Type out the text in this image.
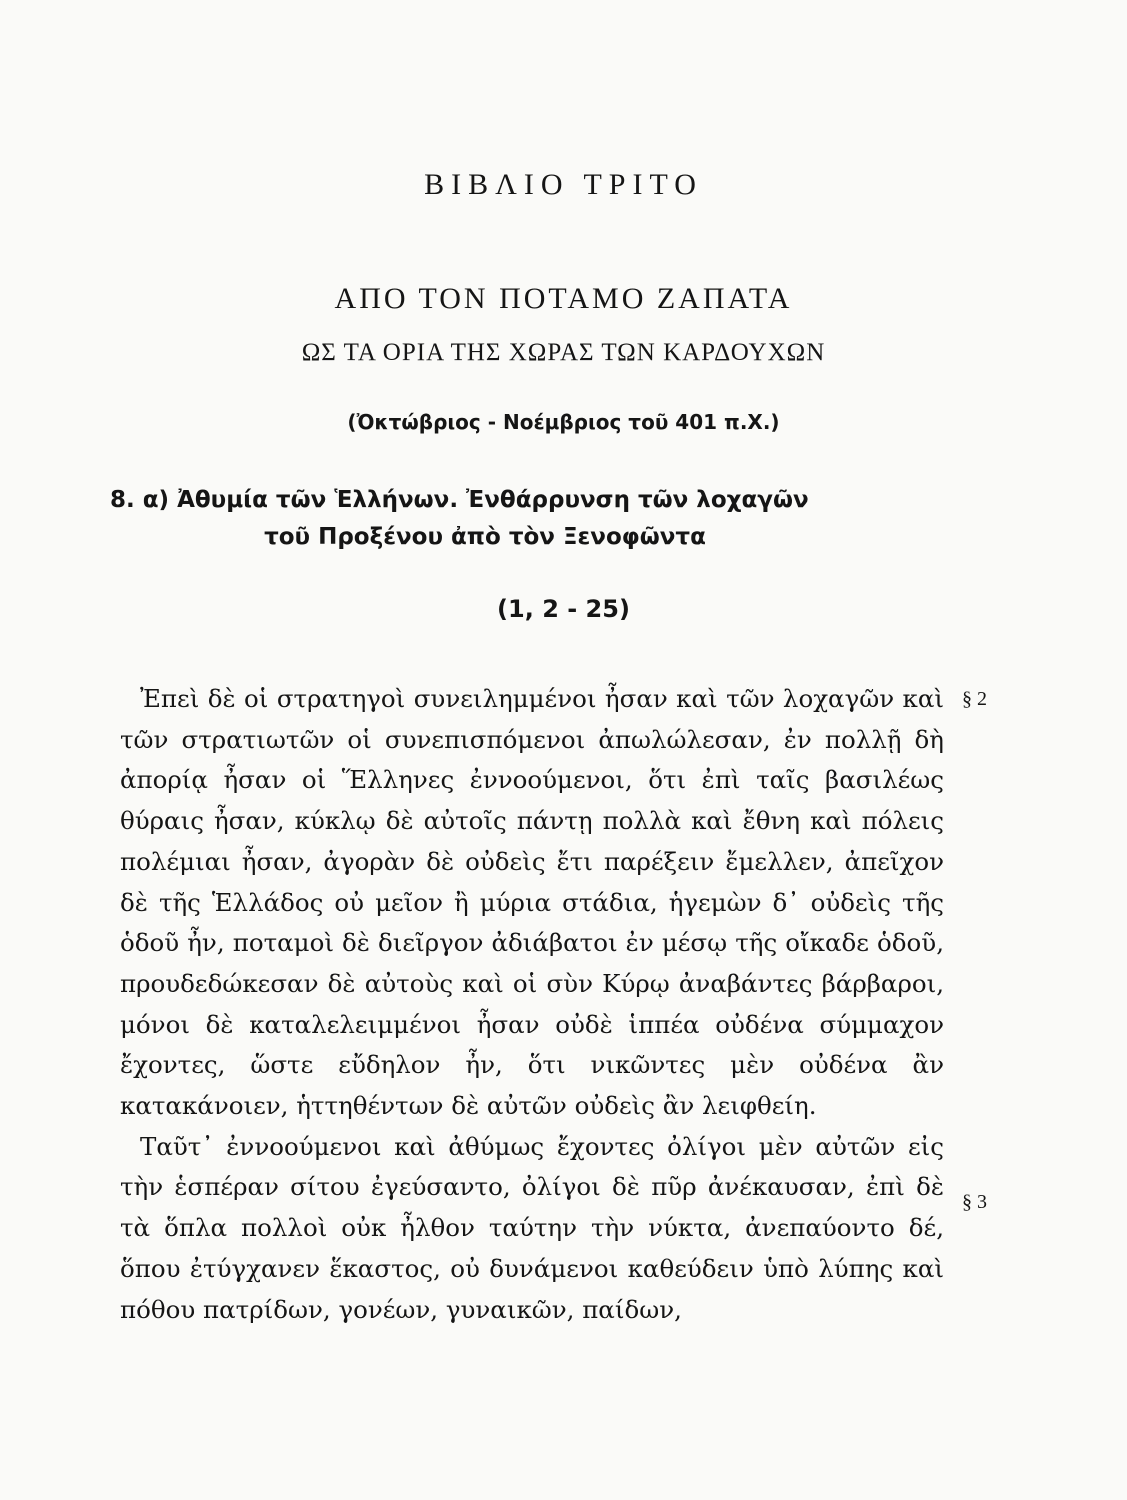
ΒΙΒΛΙΟ ΤΡΙΤΟ
ΑΠΟ ΤΟΝ ΠΟΤΑΜΟ ΖΑΠΑΤΑ
ΩΣ ΤΑ ΟΡΙΑ ΤΗΣ ΧΩΡΑΣ ΤΩΝ ΚΑΡΔΟΥΧΩΝ
(Ὀκτώβριος - Νοέμβριος τοῦ 401 π.Χ.)
8. α) Ἀθυμία τῶν Ἑλλήνων. Ἐνθάρρυνση τῶν λοχαγῶν
τοῦ Προξένου ἀπὸ τὸν Ξενοφῶντα
(1, 2 - 25)

Ἐπεὶ δὲ οἱ στρατηγοὶ συνειλημμένοι ἦσαν καὶ τῶν λοχαγῶν καὶ τῶν στρατιωτῶν οἱ συνεπισπόμενοι ἀπωλώλεσαν, ἐν πολλῇ δὴ ἀπορίᾳ ἦσαν οἱ Ἕλληνες ἐννοούμενοι, ὅτι ἐπὶ ταῖς βασιλέως θύραις ἦσαν, κύκλῳ δὲ αὐτοῖς πάντῃ πολλὰ καὶ ἔθνη καὶ πόλεις πολέμιαι ἦσαν, ἀγορὰν δὲ οὐδεὶς ἔτι παρέξειν ἔμελλεν, ἀπεῖχον δὲ τῆς Ἑλλάδος οὐ μεῖον ἢ μύρια στάδια, ἡγεμὼν δ᾽ οὐδεὶς τῆς ὁδοῦ ἦν, ποταμοὶ δὲ διεῖργον ἀδιάβατοι ἐν μέσῳ τῆς οἴκαδε ὁδοῦ, προυδεδώκεσαν δὲ αὐτοὺς καὶ οἱ σὺν Κύρῳ ἀναβάντες βάρβαροι, μόνοι δὲ καταλελειμμένοι ἦσαν οὐδὲ ἱππέα οὐδένα σύμμαχον ἔχοντες, ὥστε εὔδηλον ἦν, ὅτι νικῶντες μὲν οὐδένα ἂν κατακάνοιεν, ἡττηθέντων δὲ αὐτῶν οὐδεὶς ἂν λειφθείη.

Ταῦτ᾽ ἐννοούμενοι καὶ ἀθύμως ἔχοντες ὀλίγοι μὲν αὐτῶν εἰς τὴν ἑσπέραν σίτου ἐγεύσαντο, ὀλίγοι δὲ πῦρ ἀνέκαυσαν, ἐπὶ δὲ τὰ ὅπλα πολλοὶ οὐκ ἦλθον ταύτην τὴν νύκτα, ἀνεπαύοντο δέ, ὅπου ἐτύγχανεν ἕκαστος, οὐ δυνάμενοι καθεύδειν ὑπὸ λύπης καὶ πόθου πατρίδων, γονέων, γυναικῶν, παίδων,

§ 2
§ 3
